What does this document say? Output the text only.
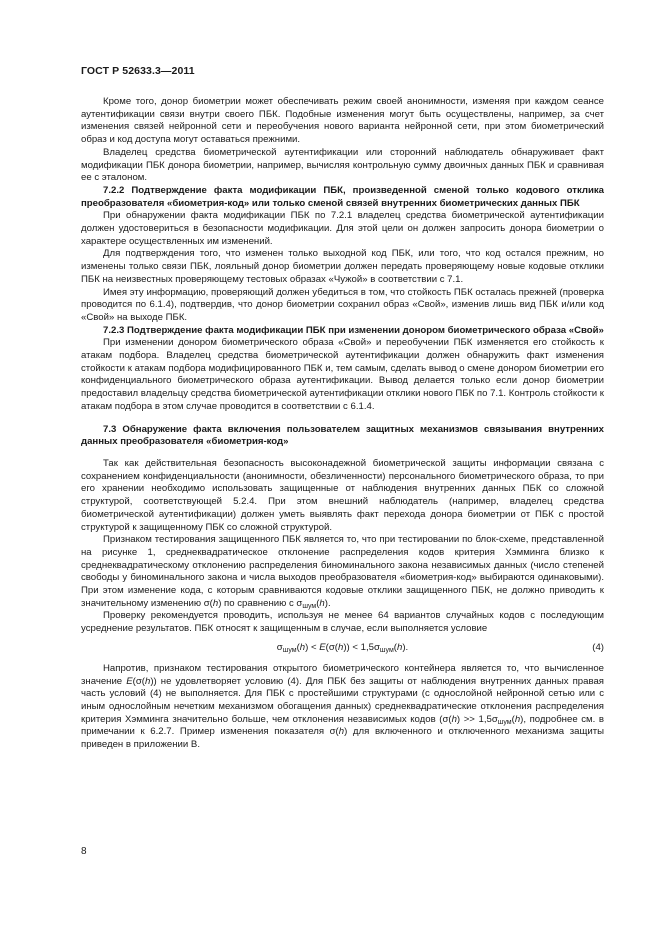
ГОСТ Р 52633.3—2011

Кроме того, донор биометрии может обеспечивать режим своей анонимности, изменяя при каждом сеансе аутентификации связи внутри своего ПБК. Подобные изменения могут быть осуществлены, например, за счет изменения связей нейронной сети и переобучения нового варианта нейронной сети, при этом биометрический образ и код доступа могут оставаться прежними.

Владелец средства биометрической аутентификации или сторонний наблюдатель обнаруживает факт модификации ПБК донора биометрии, например, вычисляя контрольную сумму двоичных данных ПБК и сравнивая ее с эталоном.

7.2.2 Подтверждение факта модификации ПБК, произведенной сменой только кодового отклика преобразователя «биометрия-код» или только сменой связей внутренних биометрических данных ПБК

При обнаружении факта модификации ПБК по 7.2.1 владелец средства биометрической аутентификации должен удостовериться в безопасности модификации. Для этой цели он должен запросить донора биометрии о характере осуществленных им изменений.

Для подтверждения того, что изменен только выходной код ПБК, или того, что код остался прежним, но изменены только связи ПБК, лояльный донор биометрии должен передать проверяющему новые кодовые отклики ПБК на неизвестных проверяющему тестовых образах «Чужой» в соответствии с 7.1.

Имея эту информацию, проверяющий должен убедиться в том, что стойкость ПБК осталась прежней (проверка проводится по 6.1.4), подтвердив, что донор биометрии сохранил образ «Свой», изменив лишь вид ПБК и/или код «Свой» на выходе ПБК.

7.2.3 Подтверждение факта модификации ПБК при изменении донором биометрического образа «Свой»

При изменении донором биометрического образа «Свой» и переобучении ПБК изменяется его стойкость к атакам подбора. Владелец средства биометрической аутентификации должен обнаружить факт изменения стойкости к атакам подбора модифицированного ПБК и, тем самым, сделать вывод о смене донором биометрии его конфиденциального биометрического образа аутентификации. Вывод делается только если донор биометрии предоставил владельцу средства биометрической аутентификации отклики нового ПБК по 7.1. Контроль стойкости к атакам подбора в этом случае проводится в соответствии с 6.1.4.

7.3 Обнаружение факта включения пользователем защитных механизмов связывания внутренних данных преобразователя «биометрия-код»

Так как действительная безопасность высоконадежной биометрической защиты информации связана с сохранением конфиденциальности (анонимности, обезличенности) персонального биометрического образа, то при его хранении необходимо использовать защищенные от наблюдения внутренних данных ПБК со сложной структурой, соответствующей 5.2.4. При этом внешний наблюдатель (например, владелец средства биометрической аутентификации) должен уметь выявлять факт перехода донора биометрии от ПБК с простой структурой к защищенному ПБК со сложной структурой.

Признаком тестирования защищенного ПБК является то, что при тестировании по блок-схеме, представленной на рисунке 1, среднеквадратическое отклонение распределения кодов критерия Хэмминга близко к среднеквадратическому отклонению распределения биноминального закона независимых данных (число степеней свободы у биноминального закона и числа выходов преобразователя «биометрия-код» выбираются одинаковыми). При этом изменение кода, с которым сравниваются кодовые отклики защищенного ПБК, не должно приводить к значительному изменению σ(h) по сравнению с $\sigma_{шум}(h)$.

Проверку рекомендуется проводить, используя не менее 64 вариантов случайных кодов с последующим усреднение результатов. ПБК относят к защищенным в случае, если выполняется условие

$\sigma_{шум}(h) < E(\sigma(h)) < 1,5\sigma_{шум}(h)$.	(4)

Напротив, признаком тестирования открытого биометрического контейнера является то, что вычисленное значение E(σ(h)) не удовлетворяет условию (4). Для ПБК без защиты от наблюдения внутренних данных правая часть условий (4) не выполняется. Для ПБК с простейшими структурами (с однослойной нейронной сетью или с иным однослойным нечетким механизмом обогащения данных) среднеквадратические отклонения распределения критерия Хэмминга значительно больше, чем отклонения независимых кодов ($\sigma(h) >> 1,5\sigma_{шум}(h)$, подробнее см. в примечании к 6.2.7. Пример изменения показателя σ(h) для включенного и отключенного механизма защиты приведен в приложении В.

8
